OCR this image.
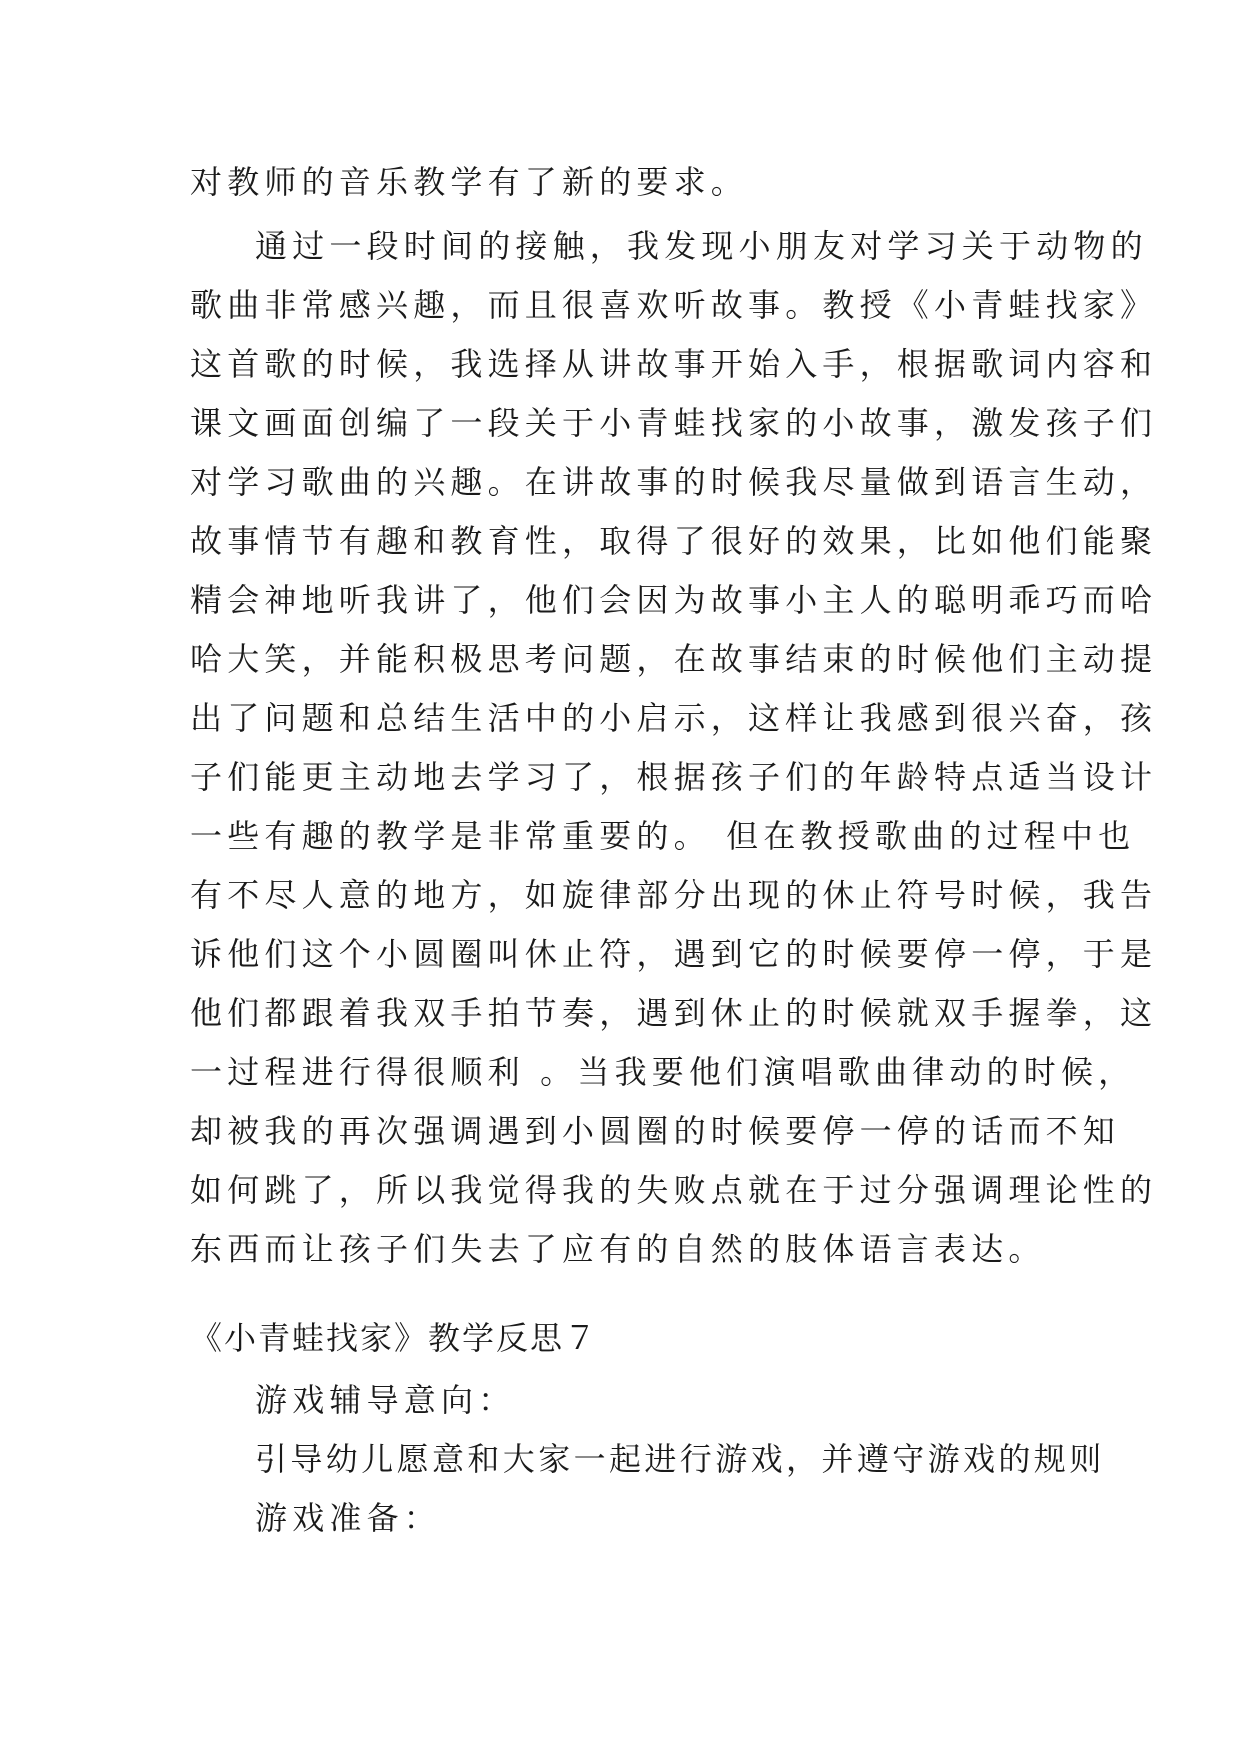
对教师的音乐教学有了新的要求。

通过一段时间的接触，我发现小朋友对学习关于动物的

歌曲非常感兴趣，而且很喜欢听故事。教授《小青蛙找家》

这首歌的时候，我选择从讲故事开始入手，根据歌词内容和

课文画面创编了一段关于小青蛙找家的小故事，激发孩子们

对学习歌曲的兴趣。在讲故事的时候我尽量做到语言生动，

故事情节有趣和教育性，取得了很好的效果，比如他们能聚

精会神地听我讲了，他们会因为故事小主人的聪明乖巧而哈

哈大笑，并能积极思考问题，在故事结束的时候他们主动提

出了问题和总结生活中的小启示，这样让我感到很兴奋，孩

子们能更主动地去学习了，根据孩子们的年龄特点适当设计

一些有趣的教学是非常重要的。 但在教授歌曲的过程中也

有不尽人意的地方，如旋律部分出现的休止符号时候，我告

诉他们这个小圆圈叫休止符，遇到它的时候要停一停，于是

他们都跟着我双手拍节奏，遇到休止的时候就双手握拳，这

一过程进行得很顺利 。当我要他们演唱歌曲律动的时候，

却被我的再次强调遇到小圆圈的时候要停一停的话而不知

如何跳了，所以我觉得我的失败点就在于过分强调理论性的

东西而让孩子们失去了应有的自然的肢体语言表达。

《小青蛙找家》教学反思７

游戏辅导意向：

引导幼儿愿意和大家一起进行游戏，并遵守游戏的规则

游戏准备：
